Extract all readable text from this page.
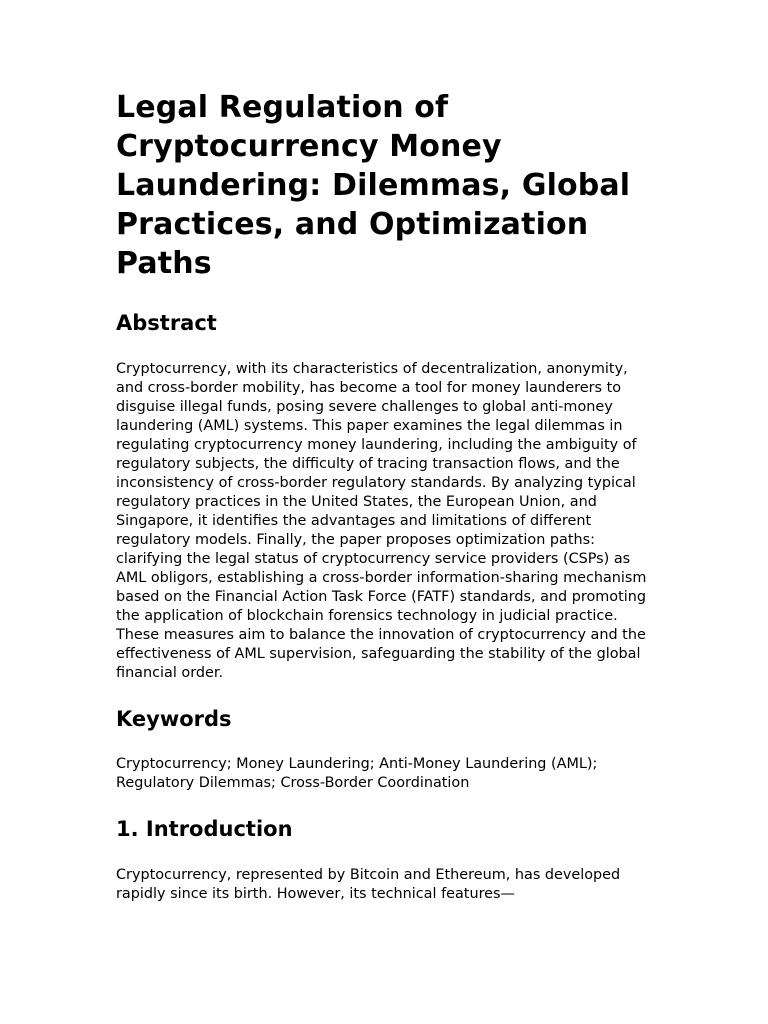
Legal Regulation of Cryptocurrency Money Laundering: Dilemmas, Global Practices, and Optimization Paths
Abstract

Cryptocurrency, with its characteristics of decentralization, anonymity, and cross-border mobility, has become a tool for money launderers to disguise illegal funds, posing severe challenges to global anti-money laundering (AML) systems. This paper examines the legal dilemmas in regulating cryptocurrency money laundering, including the ambiguity of regulatory subjects, the difficulty of tracing transaction flows, and the inconsistency of cross-border regulatory standards. By analyzing typical regulatory practices in the United States, the European Union, and Singapore, it identifies the advantages and limitations of different regulatory models. Finally, the paper proposes optimization paths: clarifying the legal status of cryptocurrency service providers (CSPs) as AML obligors, establishing a cross-border information-sharing mechanism based on the Financial Action Task Force (FATF) standards, and promoting the application of blockchain forensics technology in judicial practice. These measures aim to balance the innovation of cryptocurrency and the effectiveness of AML supervision, safeguarding the stability of the global financial order.

Keywords

Cryptocurrency; Money Laundering; Anti-Money Laundering (AML); Regulatory Dilemmas; Cross-Border Coordination

1. Introduction

Cryptocurrency, represented by Bitcoin and Ethereum, has developed rapidly since its birth. However, its technical features—
